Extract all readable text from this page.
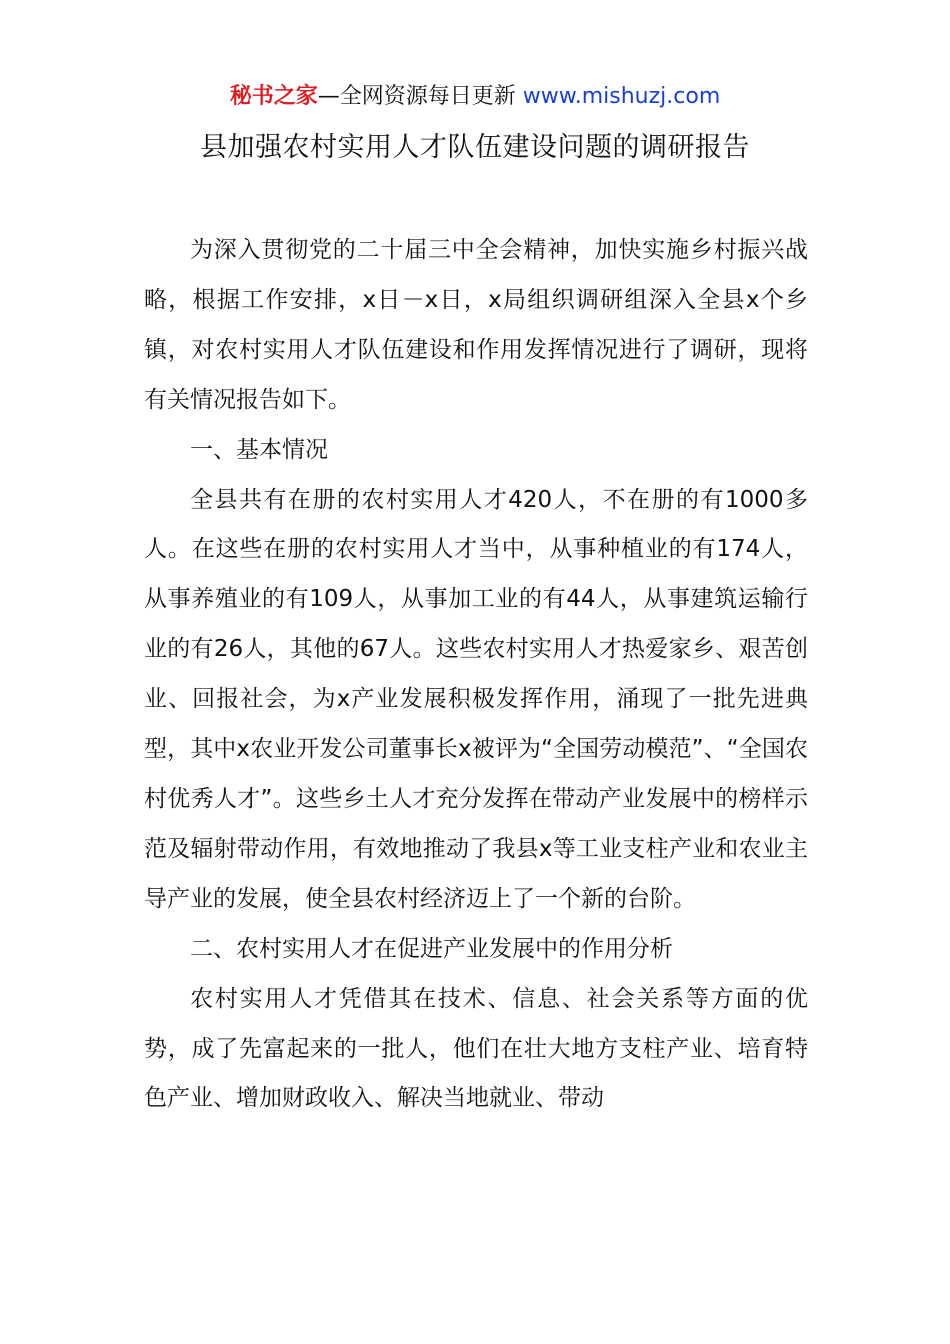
秘书之家—全网资源每日更新 www.mishuzj.com
县加强农村实用人才队伍建设问题的调研报告

为深入贯彻党的二十届三中全会精神，加快实施乡村振兴战略，根据工作安排，x日－x日，x局组织调研组深入全县x个乡镇，对农村实用人才队伍建设和作用发挥情况进行了调研，现将有关情况报告如下。

一、基本情况

全县共有在册的农村实用人才420人，不在册的有1000多人。在这些在册的农村实用人才当中，从事种植业的有174人，从事养殖业的有109人，从事加工业的有44人，从事建筑运输行业的有26人，其他的67人。这些农村实用人才热爱家乡、艰苦创业、回报社会，为x产业发展积极发挥作用，涌现了一批先进典型，其中x农业开发公司董事长x被评为“全国劳动模范”、“全国农村优秀人才”。这些乡土人才充分发挥在带动产业发展中的榜样示范及辐射带动作用，有效地推动了我县x等工业支柱产业和农业主导产业的发展，使全县农村经济迈上了一个新的台阶。

二、农村实用人才在促进产业发展中的作用分析

农村实用人才凭借其在技术、信息、社会关系等方面的优势，成了先富起来的一批人，他们在壮大地方支柱产业、培育特色产业、增加财政收入、解决当地就业、带动
